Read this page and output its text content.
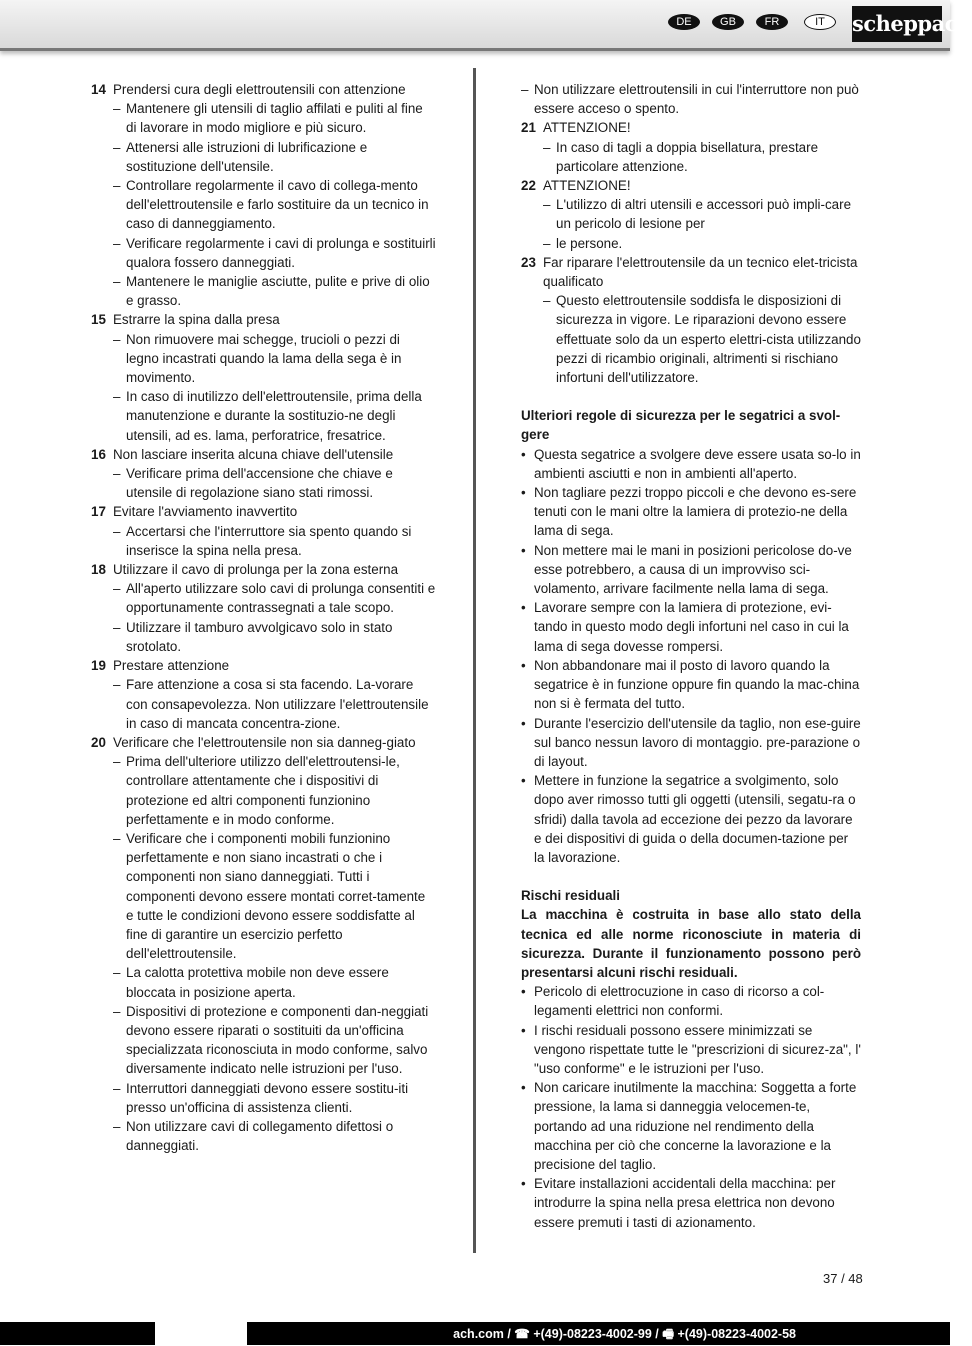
DE	GB	FR	IT	scheppach
14 Prendersi cura degli elettroutensili con attenzione
– Mantenere gli utensili di taglio affilati e puliti al fine di lavorare in modo migliore e più sicuro.
– Attenersi alle istruzioni di lubrificazione e sostituzione dell'utensile.
– Controllare regolarmente il cavo di collega-mento dell'elettroutensile e farlo sostituire da un tecnico in caso di danneggiamento.
– Verificare regolarmente i cavi di prolunga e sostituirli qualora fossero danneggiati.
– Mantenere le maniglie asciutte, pulite e prive di olio e grasso.
15 Estrarre la spina dalla presa
– Non rimuovere mai schegge, trucioli o pezzi di legno incastrati quando la lama della sega è in movimento.
– In caso di inutilizzo dell'elettroutensile, prima della manutenzione e durante la sostituzio-ne degli utensili, ad es. lama, perforatrice, fresatrice.
16 Non lasciare inserita alcuna chiave dell'utensile
– Verificare prima dell'accensione che chiave e utensile di regolazione siano stati rimossi.
17 Evitare l'avviamento inavvertito
– Accertarsi che l'interruttore sia spento quando si inserisce la spina nella presa.
18 Utilizzare il cavo di prolunga per la zona esterna
– All'aperto utilizzare solo cavi di prolunga consentiti e opportunamente contrassegnati a tale scopo.
– Utilizzare il tamburo avvolgicavo solo in stato srotolato.
19 Prestare attenzione
– Fare attenzione a cosa si sta facendo. La-vorare con consapevolezza. Non utilizzare l'elettroutensile in caso di mancata concentra-zione.
20 Verificare che l'elettroutensile non sia danneg-giato
– Prima dell'ulteriore utilizzo dell'elettroutensi-le, controllare attentamente che i dispositivi di protezione ed altri componenti funzionino perfettamente e in modo conforme.
– Verificare che i componenti mobili funzionino perfettamente e non siano incastrati o che i componenti non siano danneggiati. Tutti i componenti devono essere montati corret-tamente e tutte le condizioni devono essere soddisfatte al fine di garantire un esercizio perfetto dell'elettroutensile.
– La calotta protettiva mobile non deve essere bloccata in posizione aperta.
– Dispositivi di protezione e componenti dan-neggiati devono essere riparati o sostituiti da un'officina specializzata riconosciuta in modo conforme, salvo diversamente indicato nelle istruzioni per l'uso.
– Interruttori danneggiati devono essere sostitu-iti presso un'officina di assistenza clienti.
– Non utilizzare cavi di collegamento difettosi o danneggiati.
– Non utilizzare elettroutensili in cui l'interruttore non può essere acceso o spento.
21 ATTENZIONE!
– In caso di tagli a doppia bisellatura, prestare particolare attenzione.
22 ATTENZIONE!
– L'utilizzo di altri utensili e accessori può impli-care un pericolo di lesione per
– le persone.
23 Far riparare l'elettroutensile da un tecnico elet-tricista qualificato
– Questo elettroutensile soddisfa le disposizioni di sicurezza in vigore. Le riparazioni devono essere effettuate solo da un esperto elettri-cista utilizzando pezzi di ricambio originali, altrimenti si rischiano infortuni dell'utilizzatore.
Ulteriori regole di sicurezza per le segatrici a svol-gere
• Questa segatrice a svolgere deve essere usata so-lo in ambienti asciutti e non in ambienti all'aperto.
• Non tagliare pezzi troppo piccoli e che devono es-sere tenuti con le mani oltre la lamiera di protezio-ne della lama di sega.
• Non mettere mai le mani in posizioni pericolose do-ve esse potrebbero, a causa di un improvviso sci-volamento, arrivare facilmente nella lama di sega.
• Lavorare sempre con la lamiera di protezione, evi-tando in questo modo degli infortuni nel caso in cui la lama di sega dovesse rompersi.
• Non abbandonare mai il posto di lavoro quando la segatrice è in funzione oppure fin quando la mac-china non si è fermata del tutto.
• Durante l'esercizio dell'utensile da taglio, non ese-guire sul banco nessun lavoro di montaggio. pre-parazione o di layout.
• Mettere in funzione la segatrice a svolgimento, solo dopo aver rimosso tutti gli oggetti (utensili, segatu-ra o sfridi) dalla tavola ad eccezione dei pezzo da lavorare e dei dispositivi di guida o della documen-tazione per la lavorazione.
Rischi residuali
La macchina è costruita in base allo stato della tecnica ed alle norme riconosciute in materia di sicurezza. Durante il funzionamento possono però presentarsi alcuni rischi residuali.
• Pericolo di elettrocuzione in caso di ricorso a col-legamenti elettrici non conformi.
• I rischi residuali possono essere minimizzati se vengono rispettate tutte le "prescrizioni di sicurez-za", l' "uso conforme" e le istruzioni per l'uso.
• Non caricare inutilmente la macchina: Soggetta a forte pressione, la lama si danneggia velocemen-te, portando ad una riduzione nel rendimento della macchina per ciò che concerne la lavorazione e la precisione del taglio.
• Evitare installazioni accidentali della macchina: per introdurre la spina nella presa elettrica non devono essere premuti i tasti di azionamento.
37 / 48
ach.com / ☎ +(49)-08223-4002-99 / 🖷 +(49)-08223-4002-58
